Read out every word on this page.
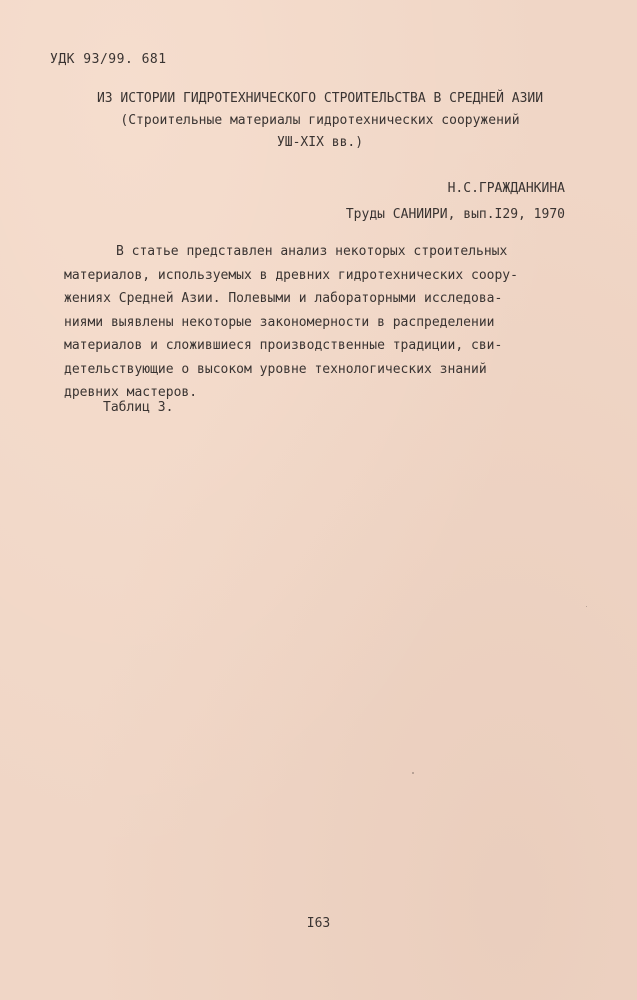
УДК 93/99. 681
ИЗ ИСТОРИИ ГИДРОТЕХНИЧЕСКОГО СТРОИТЕЛЬСТВА В СРЕДНЕЙ АЗИИ
(Строительные материалы гидротехнических сооружений
УШ-XIX вв.)
Н.С.ГРАЖДАНКИНА
Труды САНИИРИ, вып.I29, 1970
В статье представлен анализ некоторых строительных
материалов, используемых в древних гидротехнических соору-
жениях Средней Азии. Полевыми и лабораторными исследова-
ниями выявлены некоторые закономерности в распределении
материалов и сложившиеся производственные традиции, сви-
детельствующие о высоком уровне технологических знаний
древних мастеров.
Таблиц 3.
I63
